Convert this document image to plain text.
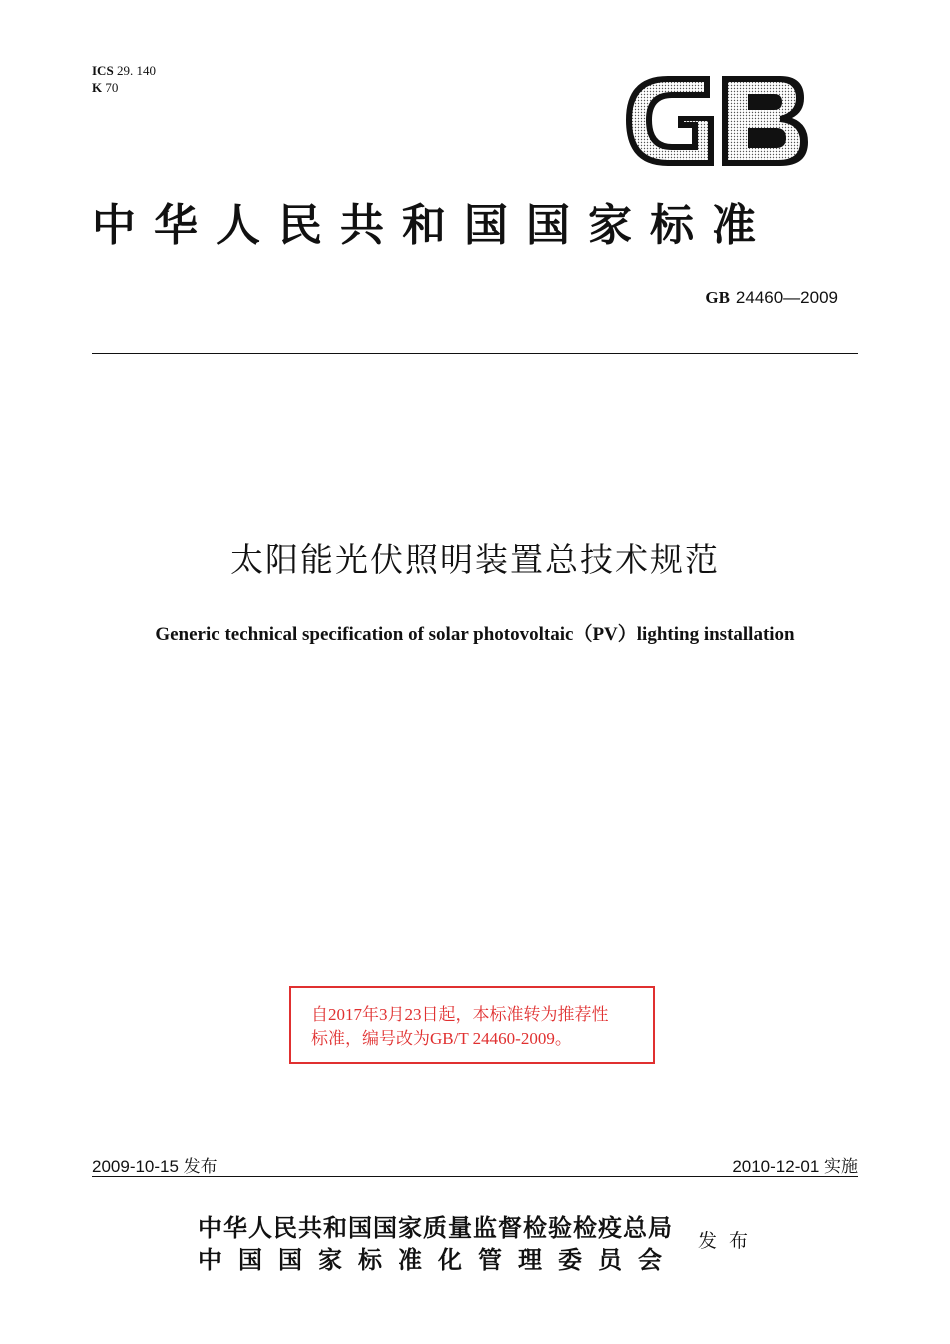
ICS 29. 140
K 70
中华人民共和国国家标准
GB 24460—2009
太阳能光伏照明装置总技术规范
Generic technical specification of solar photovoltaic（PV）lighting installation
自2017年3月23日起，本标准转为推荐性
标准，编号改为GB/T 24460-2009。
2009-10-15 发布	2010-12-01 实施
中华人民共和国国家质量监督检验检疫总局
中国国家标准化管理委员会
发布
